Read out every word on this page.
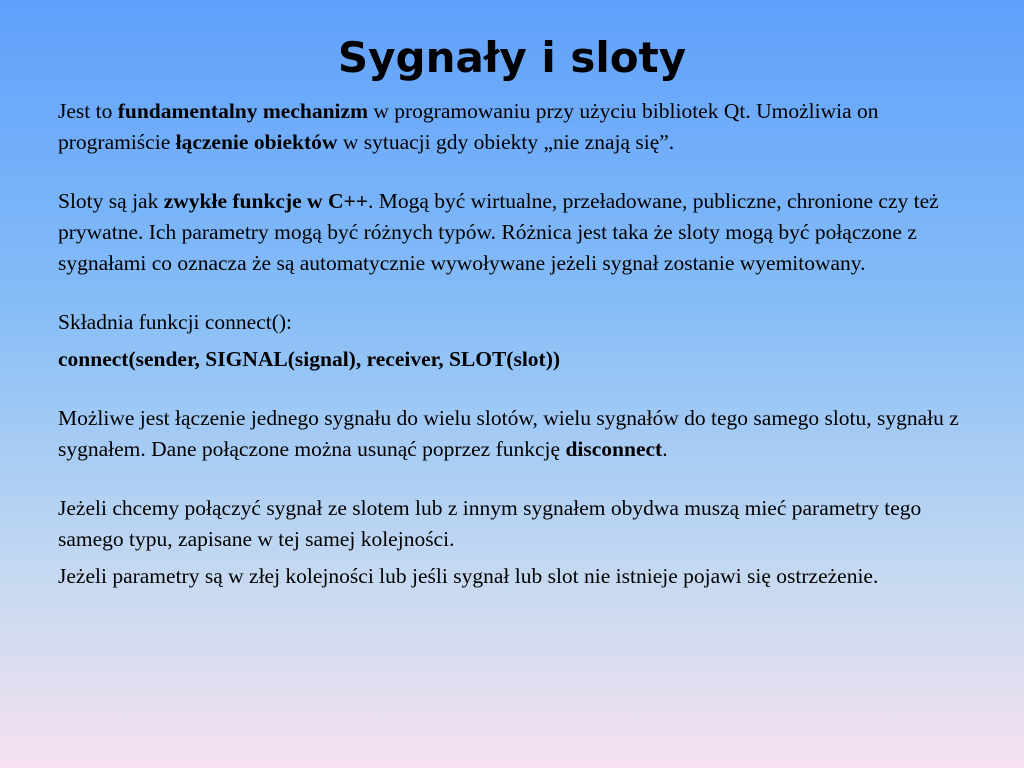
Sygnały i sloty

Jest to fundamentalny mechanizm w programowaniu przy użyciu bibliotek Qt. Umożliwia on programiście łączenie obiektów w sytuacji gdy obiekty „nie znają się”.

Sloty są jak zwykłe funkcje w C++. Mogą być wirtualne, przeładowane, publiczne, chronione czy też prywatne. Ich parametry mogą być różnych typów. Różnica jest taka że sloty mogą być połączone z sygnałami co oznacza że są automatycznie wywoływane jeżeli sygnał zostanie wyemitowany.

Składnia funkcji connect():

connect(sender, SIGNAL(signal), receiver, SLOT(slot))

Możliwe jest łączenie jednego sygnału do wielu slotów, wielu sygnałów do tego samego slotu, sygnału z sygnałem. Dane połączone można usunąć poprzez funkcję disconnect.

Jeżeli chcemy połączyć sygnał ze slotem lub z innym sygnałem obydwa muszą mieć parametry tego samego typu, zapisane w tej samej kolejności.

Jeżeli parametry są w złej kolejności lub jeśli sygnał lub slot nie istnieje pojawi się ostrzeżenie.
